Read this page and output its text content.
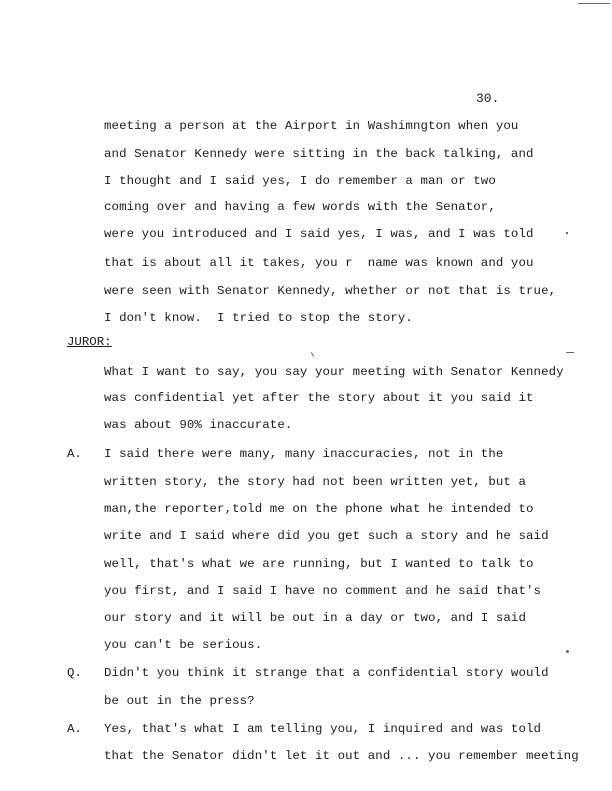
30.
meeting a person at the Airport in Washimngton when you
and Senator Kennedy were sitting in the back talking, and
I thought and I said yes, I do remember a man or two
coming over and having a few words with the Senator,
were you introduced and I said yes, I was, and I was told
that is about all it takes, you r  name was known and you
were seen with Senator Kennedy, whether or not that is true,
I don't know.  I tried to stop the story.
JUROR:
What I want to say, you say your meeting with Senator Kennedy
was confidential yet after the story about it you said it
was about 90% inaccurate.
A. I said there were many, many inaccuracies, not in the
written story, the story had not been written yet, but a
man,the reporter,told me on the phone what he intended to
write and I said where did you get such a story and he said
well, that's what we are running, but I wanted to talk to
you first, and I said I have no comment and he said that's
our story and it will be out in a day or two, and I said
you can't be serious.
Q. Didn't you think it strange that a confidential story would
be out in the press?
A. Yes, that's what I am telling you, I inquired and was told
that the Senator didn't let it out and ... you remember meeting
